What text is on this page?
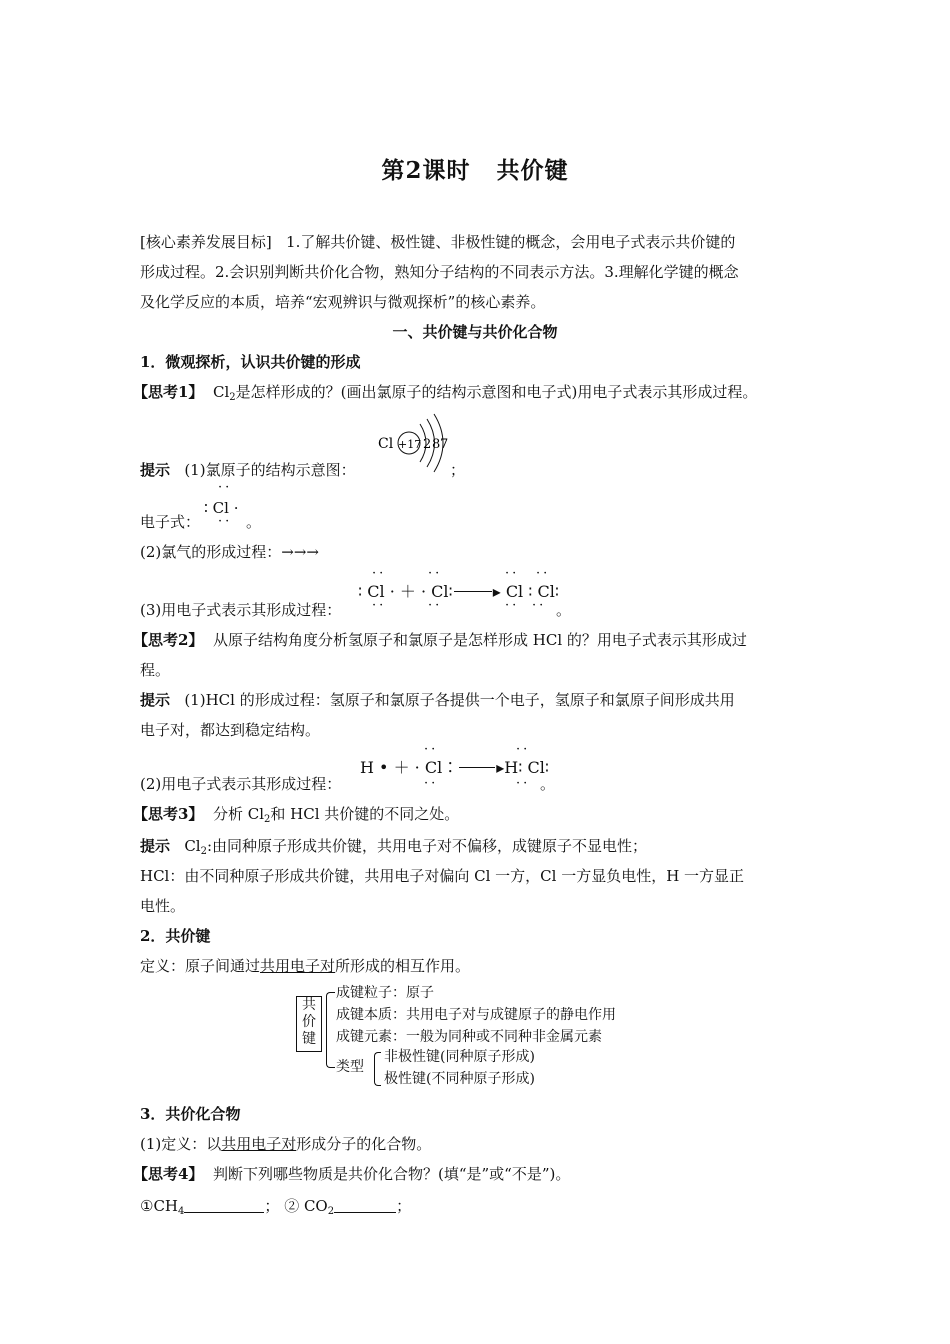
第2课时 共价键
[核心素养发展目标] 1.了解共价键、极性键、非极性键的概念，会用电子式表示共价键的
形成过程。2.会识别判断共价化合物，熟知分子结构的不同表示方法。3.理解化学键的概念
及化学反应的本质，培养“宏观辨识与微观探析”的核心素养。
一、共价键与共价化合物
1．微观探析，认识共价键的形成
【思考1】 $Cl_2$是怎样形成的？(画出氯原子的结构示意图和电子式)用电子式表示其形成过程。
Cl +17 2 8 7
提示 (1)氯原子的结构示意图：	；
··
电子式：
∶ Cl ·
·· 。
(2)氯气的形成过程：→→→
··	··	·· ··
∶ Cl · ＋ · Cl∶	▸ Cl ∶ Cl∶
··	··	·· ··
(3)用电子式表示其形成过程：	。
【思考2】 从原子结构角度分析氢原子和氯原子是怎样形成 HCl 的？用电子式表示其形成过
程。
提示 (1)HCl 的形成过程：氢原子和氯原子各提供一个电子，氢原子和氯原子间形成共用
电子对，都达到稳定结构。
··	··
H • ＋ · Cl∶ ▸H∶ Cl∶
··	··
(2)用电子式表示其形成过程：	。
【思考3】 分析 $Cl_2$和 HCl 共价键的不同之处。
提示 $Cl_2$:由同种原子形成共价键，共用电子对不偏移，成键原子不显电性；
HCl：由不同种原子形成共价键，共用电子对偏向 Cl 一方，Cl 一方显负电性，H 一方显正
电性。
2．共价键
定义：原子间通过共用电子对所形成的相互作用。
共
价
键
成键粒子：原子
成键本质：共用电子对与成键原子的静电作用
成键元素：一般为同种或不同种非金属元素
类型
非极性键(同种原子形成)
极性键(不同种原子形成)
3．共价化合物
(1)定义：以共用电子对形成分子的化合物。
【思考4】 判断下列哪些物质是共价化合物？(填“是”或“不是”)。
$①CH_4$	； ② $CO_2$	；
